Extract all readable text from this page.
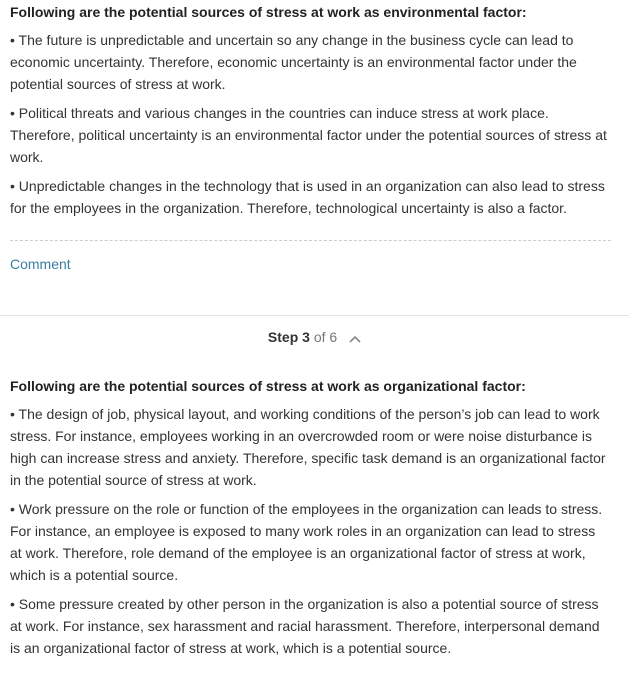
Following are the potential sources of stress at work as environmental factor:

• The future is unpredictable and uncertain so any change in the business cycle can lead to economic uncertainty. Therefore, economic uncertainty is an environmental factor under the potential sources of stress at work.

• Political threats and various changes in the countries can induce stress at work place. Therefore, political uncertainty is an environmental factor under the potential sources of stress at work.

• Unpredictable changes in the technology that is used in an organization can also lead to stress for the employees in the organization. Therefore, technological uncertainty is also a factor.

Comment
Step 3 of 6

Following are the potential sources of stress at work as organizational factor:

• The design of job, physical layout, and working conditions of the person’s job can lead to work stress. For instance, employees working in an overcrowded room or were noise disturbance is high can increase stress and anxiety. Therefore, specific task demand is an organizational factor in the potential source of stress at work.

• Work pressure on the role or function of the employees in the organization can leads to stress. For instance, an employee is exposed to many work roles in an organization can lead to stress at work. Therefore, role demand of the employee is an organizational factor of stress at work, which is a potential source.

• Some pressure created by other person in the organization is also a potential source of stress at work. For instance, sex harassment and racial harassment. Therefore, interpersonal demand is an organizational factor of stress at work, which is a potential source.
